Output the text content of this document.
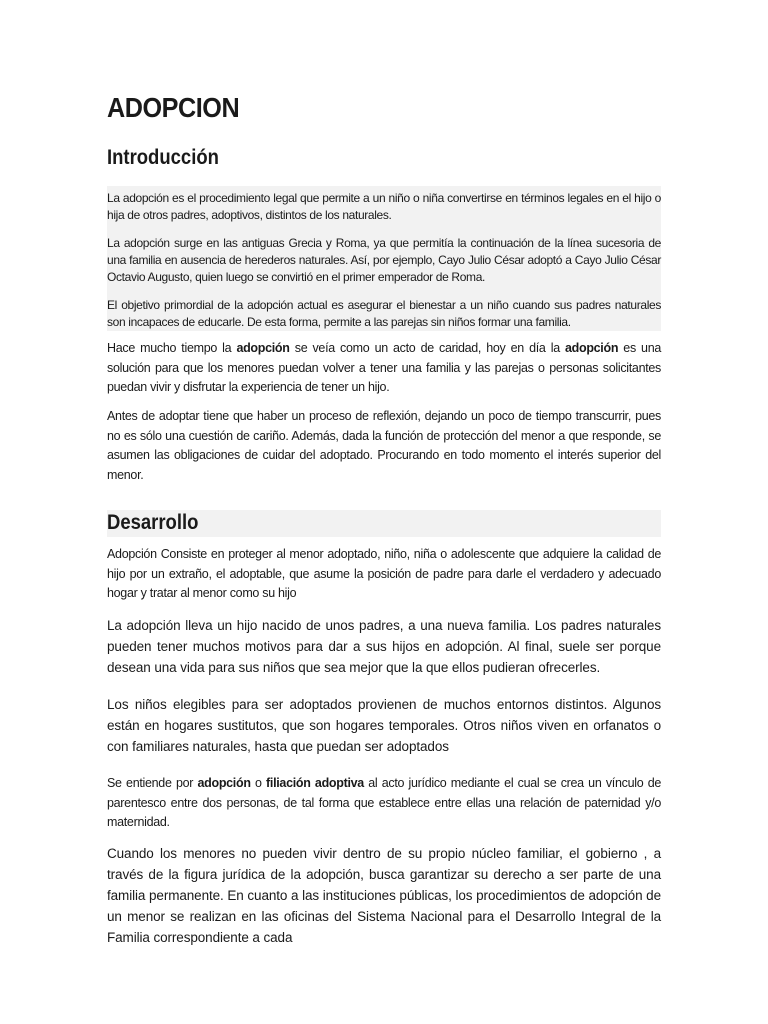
ADOPCION
Introducción

La adopción es el procedimiento legal que permite a un niño o niña convertirse en términos legales en el hijo o hija de otros padres, adoptivos, distintos de los naturales.

La adopción surge en las antiguas Grecia y Roma, ya que permitía la continuación de la línea sucesoria de una familia en ausencia de herederos naturales. Así, por ejemplo, Cayo Julio César adoptó a Cayo Julio César Octavio Augusto, quien luego se convirtió en el primer emperador de Roma.

El objetivo primordial de la adopción actual es asegurar el bienestar a un niño cuando sus padres naturales son incapaces de educarle. De esta forma, permite a las parejas sin niños formar una familia.

Hace mucho tiempo la adopción se veía como un acto de caridad, hoy en día la adopción es una solución para que los menores puedan volver a tener una familia y las parejas o personas solicitantes puedan vivir y disfrutar la experiencia de tener un hijo.

Antes de adoptar tiene que haber un proceso de reflexión, dejando un poco de tiempo transcurrir, pues no es sólo una cuestión de cariño. Además, dada la función de protección del menor a que responde, se asumen las obligaciones de cuidar del adoptado. Procurando en todo momento el interés superior del menor.

Desarrollo

Adopción Consiste en proteger al menor adoptado, niño, niña o adolescente que adquiere la calidad de hijo por un extraño, el adoptable, que asume la posición de padre para darle el verdadero y adecuado hogar y tratar al menor como su hijo

La adopción lleva un hijo nacido de unos padres, a una nueva familia. Los padres naturales pueden tener muchos motivos para dar a sus hijos en adopción. Al final, suele ser porque desean una vida para sus niños que sea mejor que la que ellos pudieran ofrecerles.

Los niños elegibles para ser adoptados provienen de muchos entornos distintos. Algunos están en hogares sustitutos, que son hogares temporales. Otros niños viven en orfanatos o con familiares naturales, hasta que puedan ser adoptados

Se entiende por adopción o filiación adoptiva al acto jurídico mediante el cual se crea un vínculo de parentesco entre dos personas, de tal forma que establece entre ellas una relación de paternidad y/o maternidad.

Cuando los menores no pueden vivir dentro de su propio núcleo familiar, el gobierno , a través de la figura jurídica de la adopción, busca garantizar su derecho a ser parte de una familia permanente. En cuanto a las instituciones públicas, los procedimientos de adopción de un menor se realizan en las oficinas del Sistema Nacional para el Desarrollo Integral de la Familia correspondiente a cada
